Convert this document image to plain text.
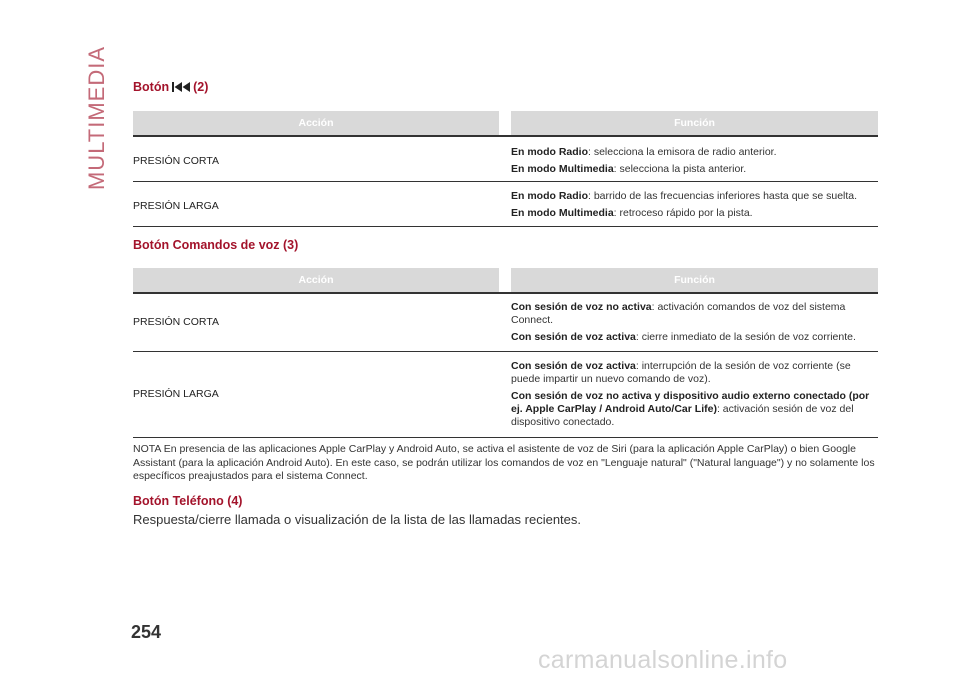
MULTIMEDIA Botón (2)
Acción		Función
PRESIÓN CORTA		En modo Radio: selecciona la emisora de radio anterior.

En modo Multimedia: selecciona la pista anterior.

PRESIÓN LARGA		En modo Radio: barrido de las frecuencias inferiores hasta que se suelta.

En modo Multimedia: retroceso rápido por la pista.

Botón Comandos de voz (3)
Acción		Función
PRESIÓN CORTA		Con sesión de voz no activa: activación comandos de voz del sistema Connect.

Con sesión de voz activa: cierre inmediato de la sesión de voz corriente.

PRESIÓN LARGA		Con sesión de voz activa: interrupción de la sesión de voz corriente (se puede impartir un nuevo comando de voz).

Con sesión de voz no activa y dispositivo audio externo conectado (por ej. Apple CarPlay / Android Auto/Car Life): activación sesión de voz del dispositivo conectado.

NOTA En presencia de las aplicaciones Apple CarPlay y Android Auto, se activa el asistente de voz de Siri (para la aplicación Apple CarPlay) o bien Google Assistant (para la aplicación Android Auto). En este caso, se podrán utilizar los comandos de voz en "Lenguaje natural" ("Natural language") y no solamente los específicos preajustados para el sistema Connect.

Botón Teléfono (4)

Respuesta/cierre llamada o visualización de la lista de las llamadas recientes.

254
carmanualsonline.info
